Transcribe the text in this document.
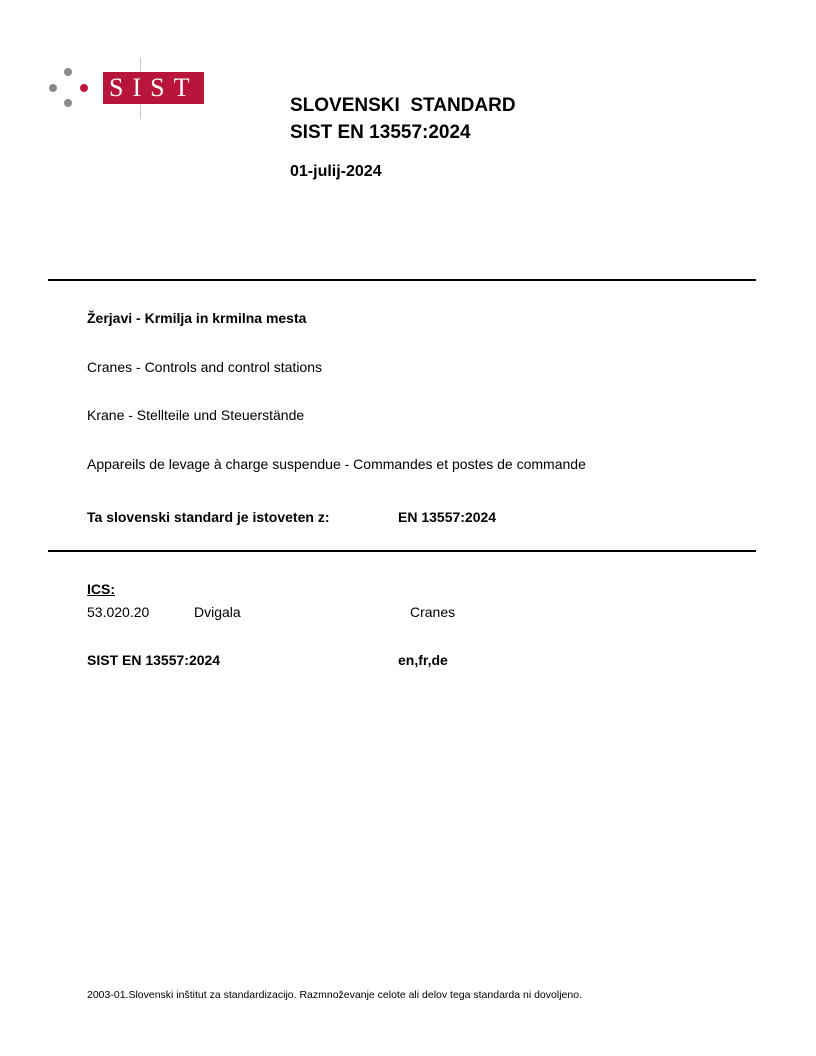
SIST
SLOVENSKI  STANDARD
SIST EN 13557:2024
01-julij-2024
Žerjavi - Krmilja in krmilna mesta
Cranes - Controls and control stations
Krane - Stellteile und Steuerstände
Appareils de levage à charge suspendue - Commandes et postes de commande
Ta slovenski standard je istoveten z:	EN 13557:2024
ICS:
53.020.20	Dvigala	Cranes
SIST EN 13557:2024	en,fr,de
2003-01.Slovenski inštitut za standardizacijo. Razmnoževanje celote ali delov tega standarda ni dovoljeno.
